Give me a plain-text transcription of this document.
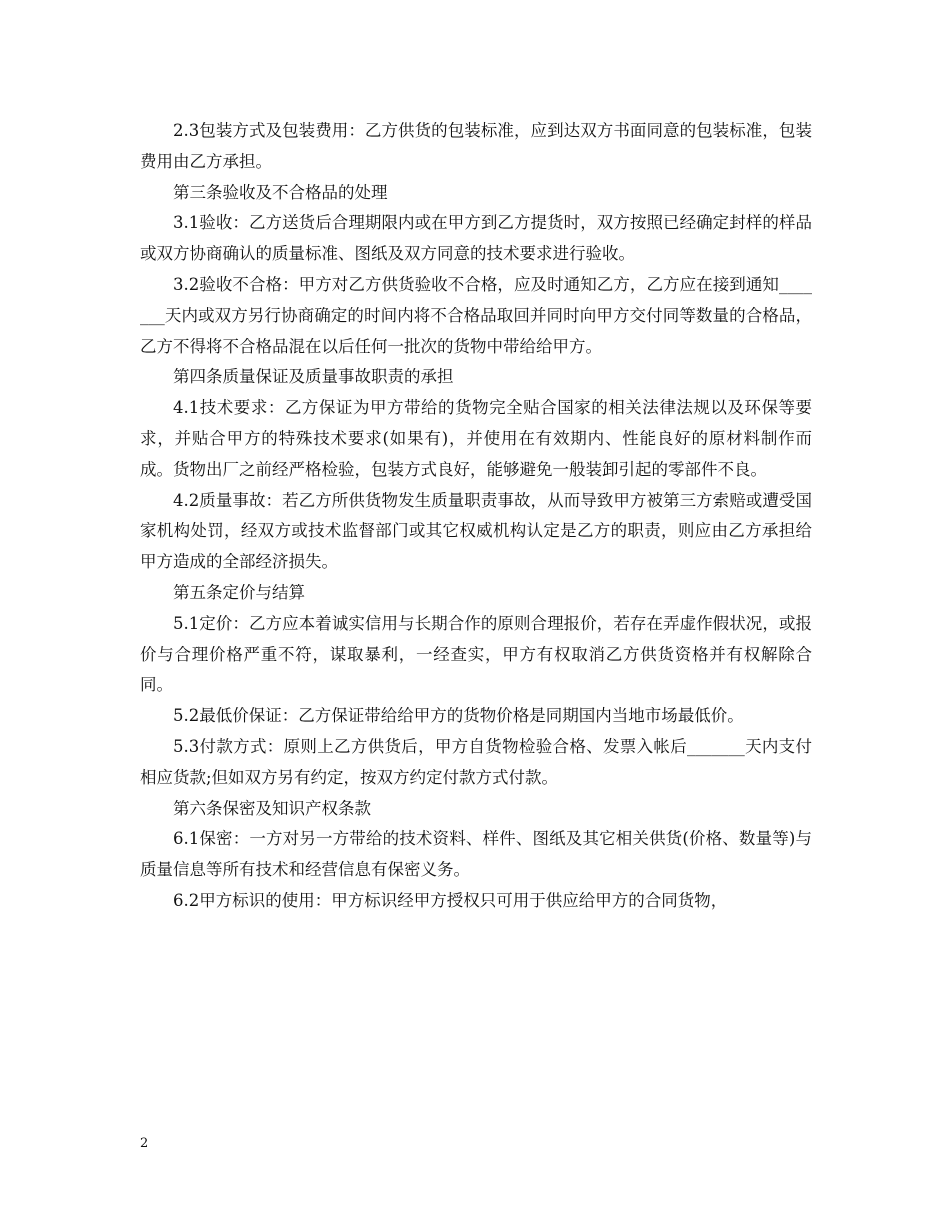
2.3包装方式及包装费用：乙方供货的包装标准，应到达双方书面同意的包装标准，包装费用由乙方承担。

第三条验收及不合格品的处理

3.1验收：乙方送货后合理期限内或在甲方到乙方提货时，双方按照已经确定封样的样品或双方协商确认的质量标准、图纸及双方同意的技术要求进行验收。

3.2验收不合格：甲方对乙方供货验收不合格，应及时通知乙方，乙方应在接到通知_______天内或双方另行协商确定的时间内将不合格品取回并同时向甲方交付同等数量的合格品，乙方不得将不合格品混在以后任何一批次的货物中带给给甲方。

第四条质量保证及质量事故职责的承担

4.1技术要求：乙方保证为甲方带给的货物完全贴合国家的相关法律法规以及环保等要求，并贴合甲方的特殊技术要求(如果有)，并使用在有效期内、性能良好的原材料制作而成。货物出厂之前经严格检验，包装方式良好，能够避免一般装卸引起的零部件不良。

4.2质量事故：若乙方所供货物发生质量职责事故，从而导致甲方被第三方索赔或遭受国家机构处罚，经双方或技术监督部门或其它权威机构认定是乙方的职责，则应由乙方承担给甲方造成的全部经济损失。

第五条定价与结算

5.1定价：乙方应本着诚实信用与长期合作的原则合理报价，若存在弄虚作假状况，或报价与合理价格严重不符，谋取暴利，一经查实，甲方有权取消乙方供货资格并有权解除合同。

5.2最低价保证：乙方保证带给给甲方的货物价格是同期国内当地市场最低价。

5.3付款方式：原则上乙方供货后，甲方自货物检验合格、发票入帐后_______天内支付相应货款;但如双方另有约定，按双方约定付款方式付款。

第六条保密及知识产权条款

6.1保密：一方对另一方带给的技术资料、样件、图纸及其它相关供货(价格、数量等)与质量信息等所有技术和经营信息有保密义务。

6.2甲方标识的使用：甲方标识经甲方授权只可用于供应给甲方的合同货物，

2
